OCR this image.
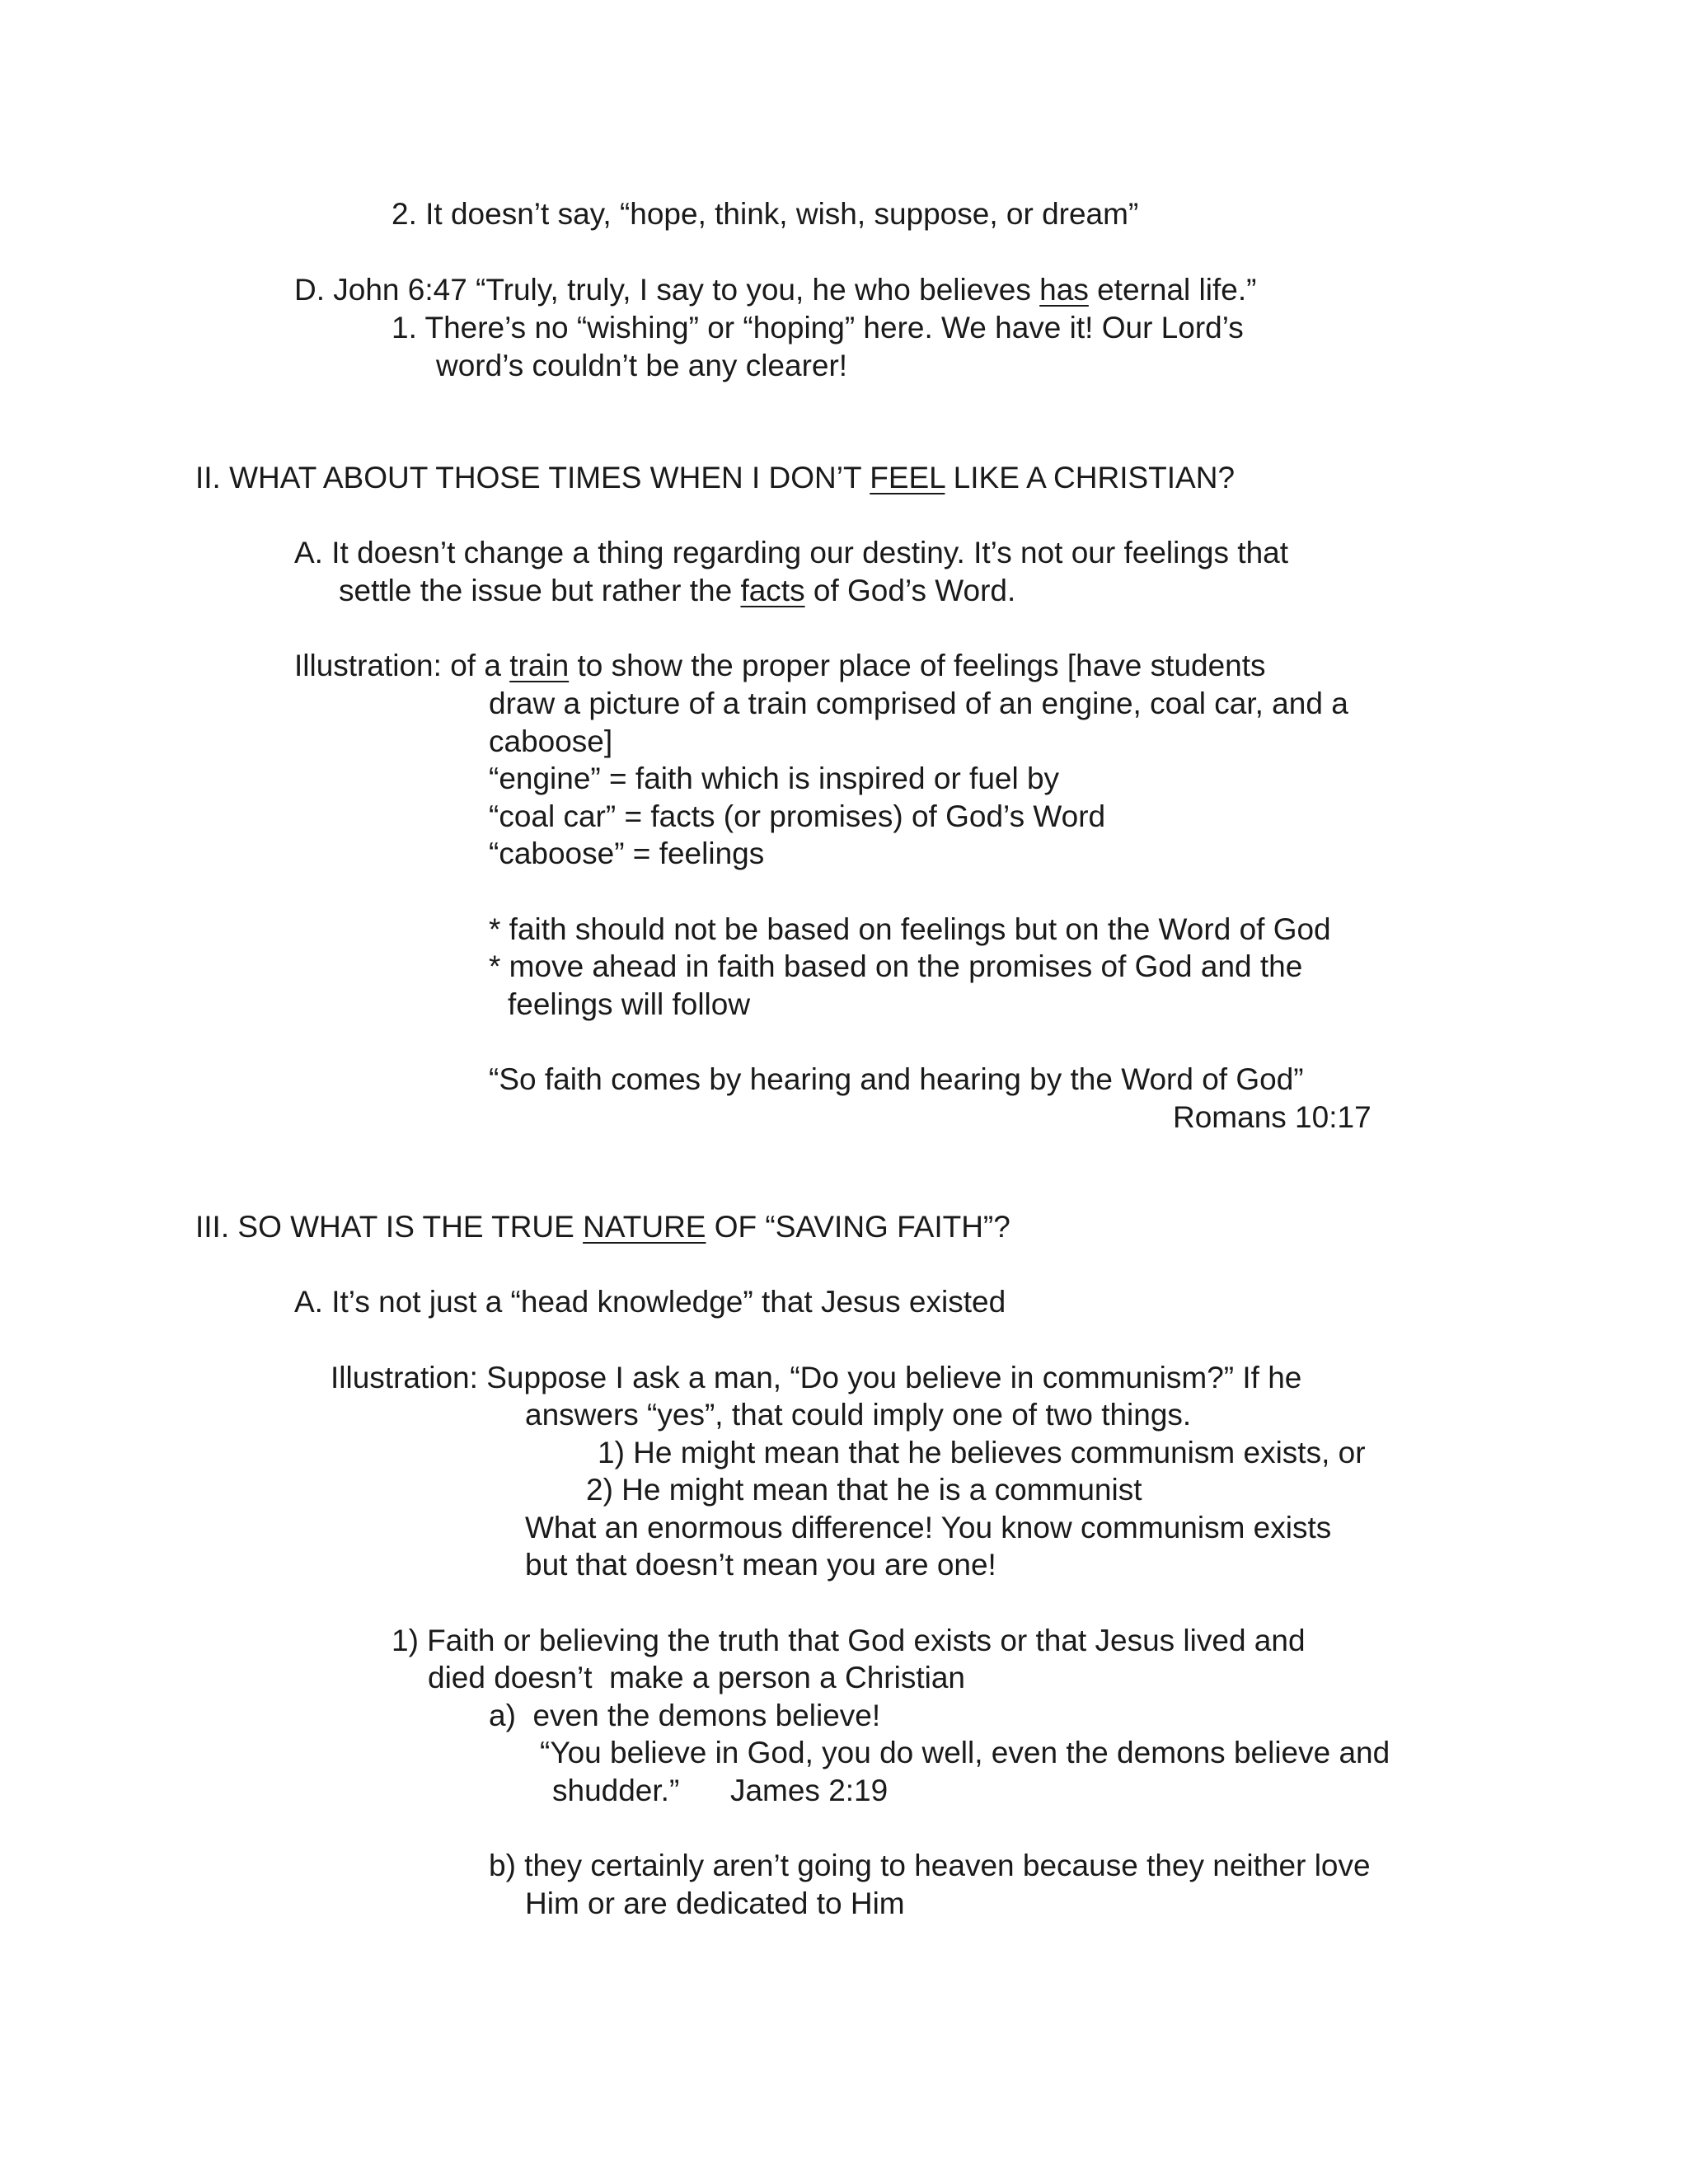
2. It doesn’t say, “hope, think, wish, suppose, or dream”
D. John 6:47 “Truly, truly, I say to you, he who believes has eternal life.”
1. There’s no “wishing” or “hoping” here. We have it! Our Lord’s
word’s couldn’t be any clearer!
II. WHAT ABOUT THOSE TIMES WHEN I DON’T FEEL LIKE A CHRISTIAN?
A. It doesn’t change a thing regarding our destiny. It’s not our feelings that
settle the issue but rather the facts of God’s Word.
Illustration: of a train to show the proper place of feelings [have students
draw a picture of a train comprised of an engine, coal car, and a
caboose]
“engine” = faith which is inspired or fuel by
“coal car” = facts (or promises) of God’s Word
“caboose” = feelings
* faith should not be based on feelings but on the Word of God
* move ahead in faith based on the promises of God and the
feelings will follow
“So faith comes by hearing and hearing by the Word of God”
Romans 10:17
III. SO WHAT IS THE TRUE NATURE OF “SAVING FAITH”?
A. It’s not just a “head knowledge” that Jesus existed
Illustration: Suppose I ask a man, “Do you believe in communism?” If he
answers “yes”, that could imply one of two things.
1) He might mean that he believes communism exists, or
2) He might mean that he is a communist
What an enormous difference! You know communism exists
but that doesn’t mean you are one!
1) Faith or believing the truth that God exists or that Jesus lived and
died doesn’t  make a person a Christian
a)  even the demons believe!
“You believe in God, you do well, even the demons believe and
shudder.”      James 2:19
b) they certainly aren’t going to heaven because they neither love
Him or are dedicated to Him
